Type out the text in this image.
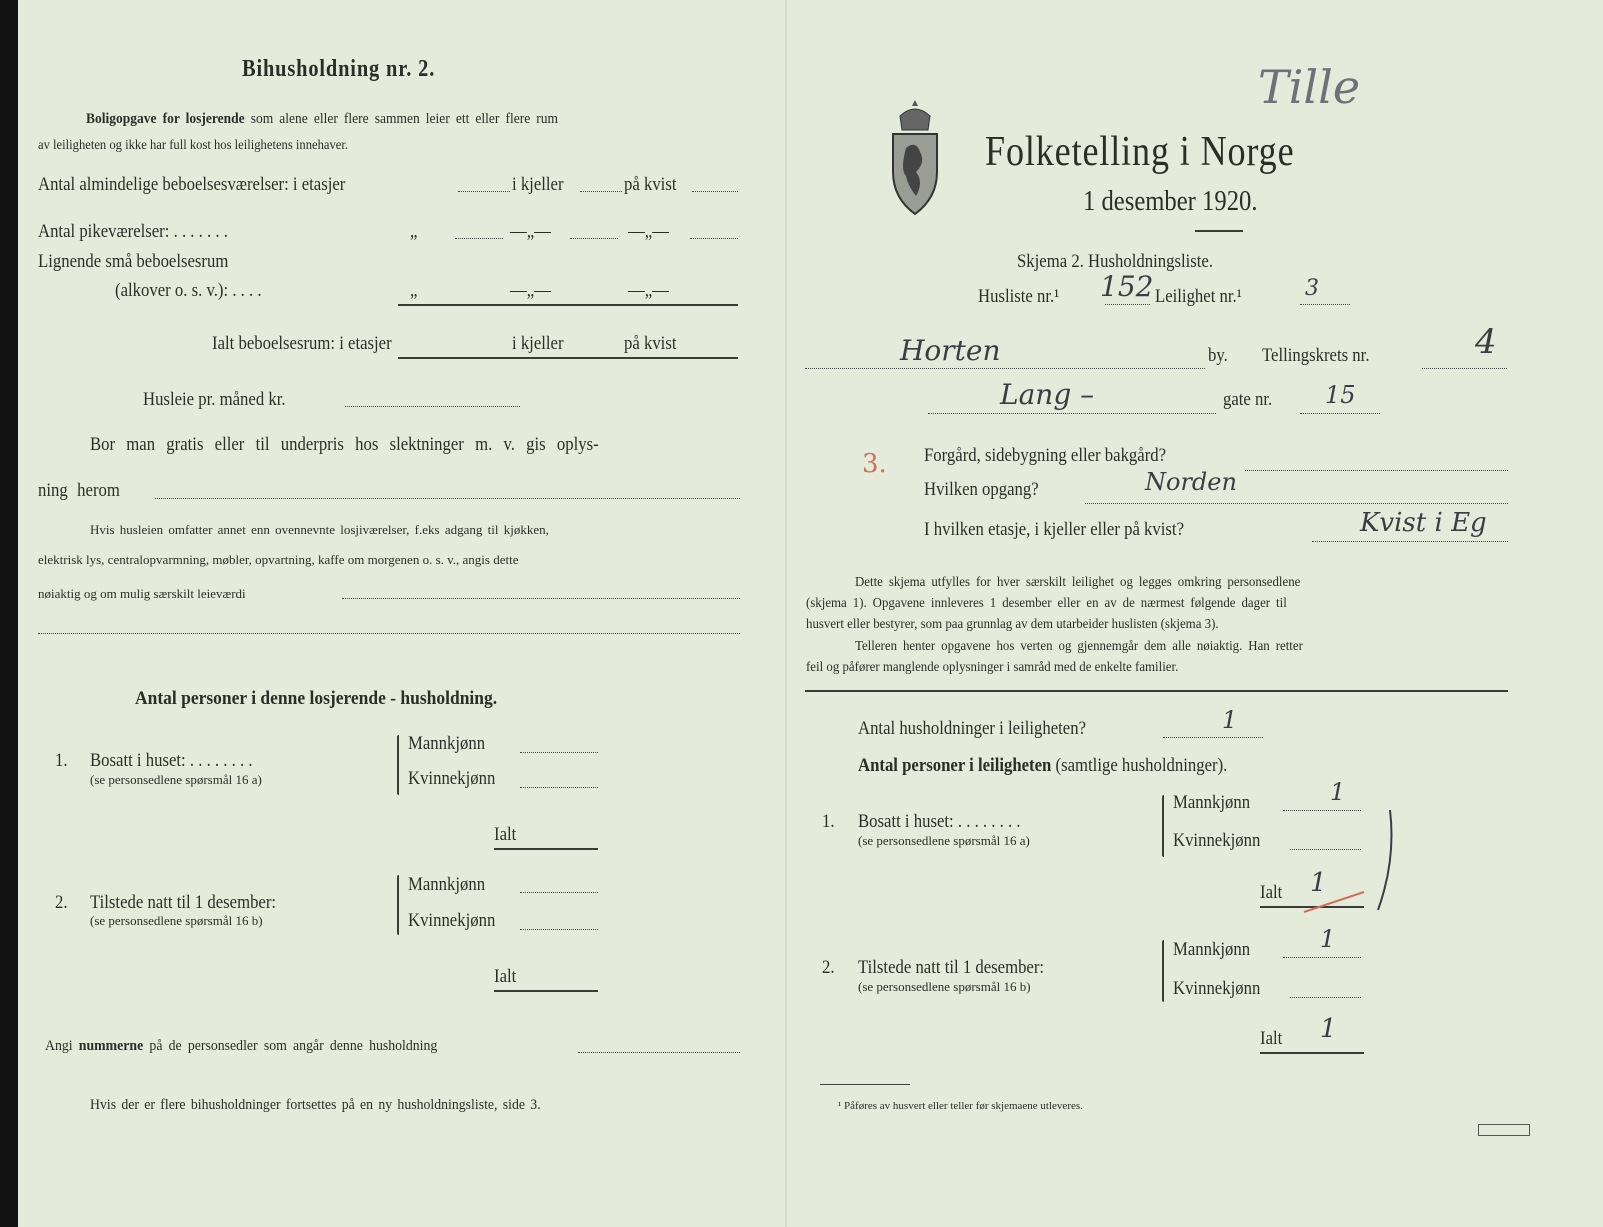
Bihusholdning nr. 2.
Boligopgave for losjerende som alene eller flere sammen leier ett eller flere rum
av leiligheten og ikke har full kost hos leilighetens innehaver.
Antal almindelige beboelsesværelser: i etasjer	i kjeller	på kvist
Antal pikeværelser: . . . . . . .	„	—„—	—„—
Lignende små beboelsesrum
(alkover o. s. v.): . . . .	„	—„—	—„—
Ialt beboelsesrum: i etasjer	i kjeller	på kvist
Husleie pr. måned kr.
Bor man gratis eller til underpris hos slektninger m. v. gis oplys-
ning herom
Hvis husleien omfatter annet enn ovennevnte losjiværelser, f.eks adgang til kjøkken,
elektrisk lys, centralopvarmning, møbler, opvartning, kaffe om morgenen o. s. v., angis dette
nøiaktig og om mulig særskilt leieværdi
Antal personer i denne losjerende - husholdning.
1. Bosatt i huset: . . . . . . . .
(se personsedlene spørsmål 16 a)
Mannkjønn
Kvinnekjønn
Ialt
2. Tilstede natt til 1 desember:
(se personsedlene spørsmål 16 b)
Mannkjønn
Kvinnekjønn
Ialt
Angi nummerne på de personsedler som angår denne husholdning
Hvis der er flere bihusholdninger fortsettes på en ny husholdningsliste, side 3.
Tille
Folketelling i Norge
1 desember 1920.
Skjema 2. Husholdningsliste.
Husliste nr.¹ 152 Leilighet nr.¹	3
Horten	by. Tellingskrets nr.	4
Lang –	gate nr. 15
3. Forgård, sidebygning eller bakgård?
Hvilken opgang?	Norden
I hvilken etasje, i kjeller eller på kvist?	Kvist i Eg
Dette skjema utfylles for hver særskilt leilighet og legges omkring personsedlene
(skjema 1). Opgavene innleveres 1 desember eller en av de nærmest følgende dager til
husvert eller bestyrer, som paa grunnlag av dem utarbeider huslisten (skjema 3).
Telleren henter opgavene hos verten og gjennemgår dem alle nøiaktig. Han retter
feil og påfører manglende oplysninger i samråd med de enkelte familier.
Antal husholdninger i leiligheten?	1
Antal personer i leiligheten (samtlige husholdninger).
1. Bosatt i huset: . . . . . . . .
(se personsedlene spørsmål 16 a)
Mannkjønn	1
Kvinnekjønn
Ialt 1
2. Tilstede natt til 1 desember:
(se personsedlene spørsmål 16 b)
Mannkjønn	1
Kvinnekjønn
Ialt 1
¹ Påføres av husvert eller teller før skjemaene utleveres.
